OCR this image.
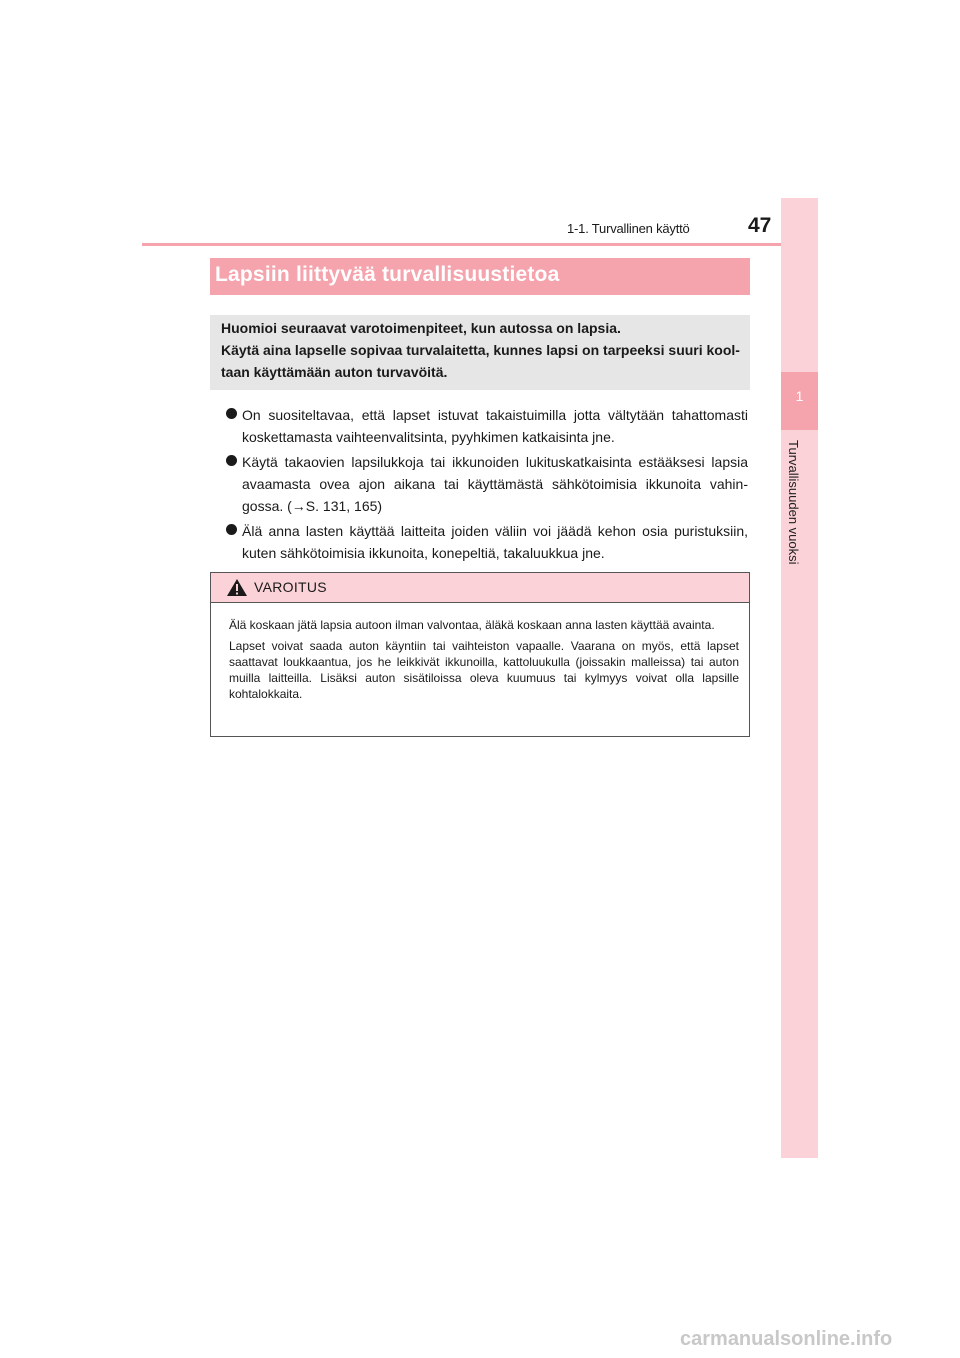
1-1. Turvallinen käyttö	47
1
Turvallisuuden vuoksi
Lapsiin liittyvää turvallisuustietoa

Huomioi seuraavat varotoimenpiteet, kun autossa on lapsia.

Käytä aina lapselle sopivaa turvalaitetta, kunnes lapsi on tarpeeksi suuri kool-

taan käyttämään auton turvavöitä.

On suositeltavaa, että lapset istuvat takaistuimilla jotta vältytään tahattomasti koskettamasta vaihteenvalitsinta, pyyhkimen katkaisinta jne.
Käytä takaovien lapsilukkoja tai ikkunoiden lukituskatkaisinta estääksesi lapsia avaamasta ovea ajon aikana tai käyttämästä sähkötoimisia ikkunoita vahin-gossa. (→S. 131, 165)
Älä anna lasten käyttää laitteita joiden väliin voi jäädä kehon osia puristuksiin, kuten sähkötoimisia ikkunoita, konepeltiä, takaluukkua jne.
VAROITUS

Älä koskaan jätä lapsia autoon ilman valvontaa, äläkä koskaan anna lasten käyttää avainta.

Lapset voivat saada auton käyntiin tai vaihteiston vapaalle. Vaarana on myös, että lapset saattavat loukkaantua, jos he leikkivät ikkunoilla, kattoluukulla (joissakin malleissa) tai auton muilla laitteilla. Lisäksi auton sisätiloissa oleva kuumuus tai kylmyys voivat olla lapsille kohtalokkaita.

carmanualsonline.info
